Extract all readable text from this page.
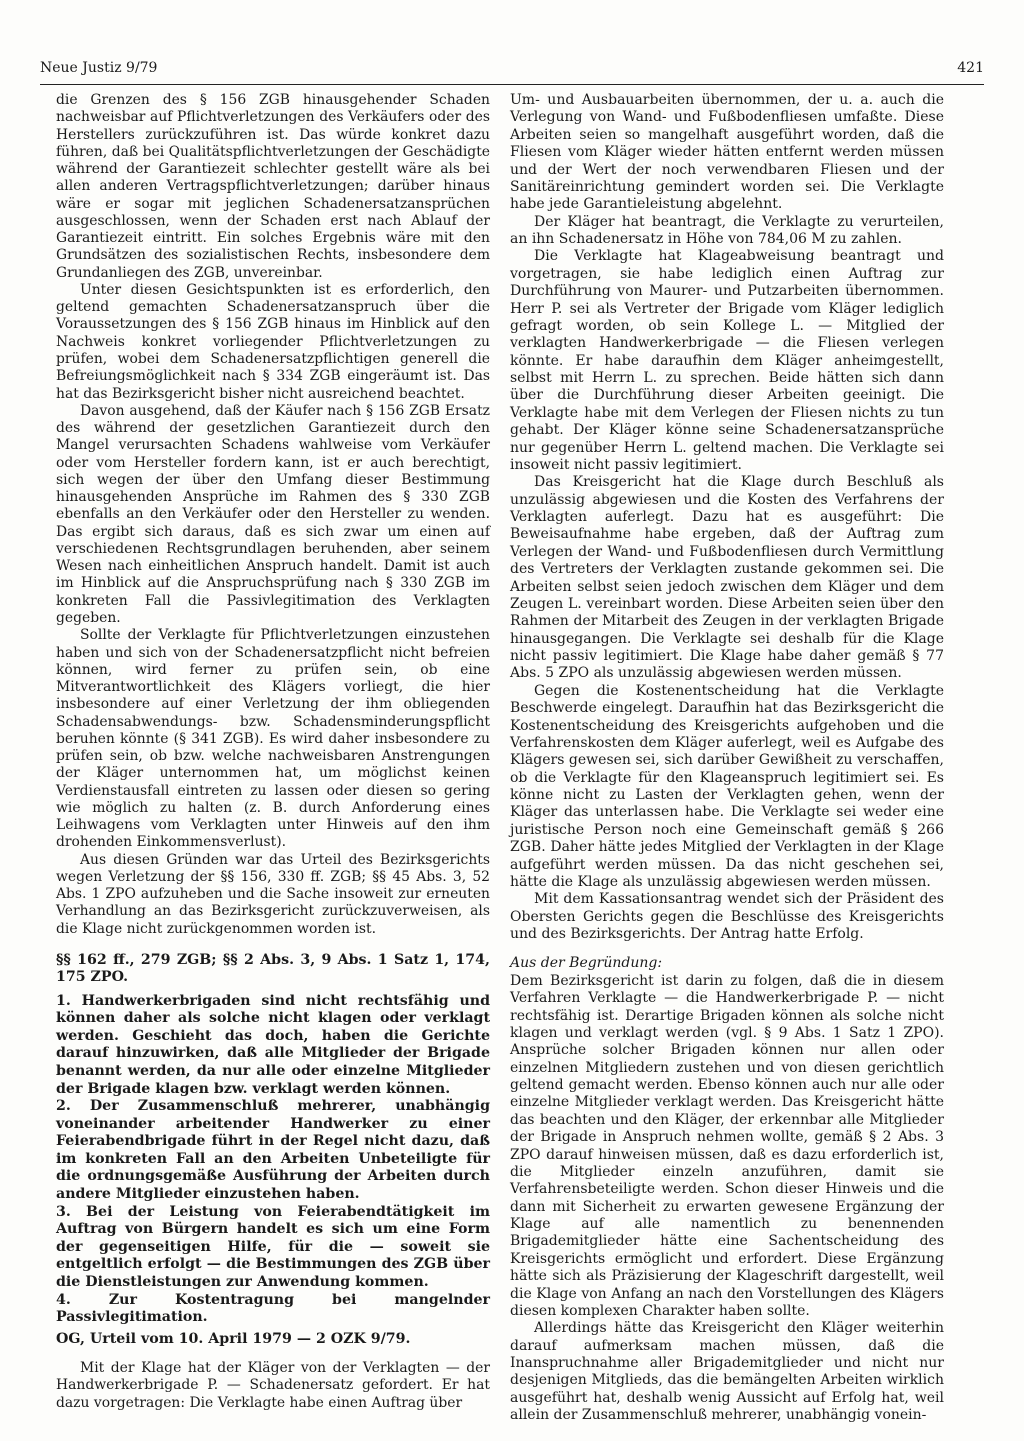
Neue Justiz 9/79	421

die Grenzen des § 156 ZGB hinausgehender Schaden nachweisbar auf Pflichtverletzungen des Verkäufers oder des Herstellers zurückzuführen ist. Das würde konkret dazu führen, daß bei Qualitätspflichtverletzungen der Geschädigte während der Garantiezeit schlechter gestellt wäre als bei allen anderen Vertragspflichtverletzungen; darüber hinaus wäre er sogar mit jeglichen Schadenersatzansprüchen ausgeschlossen, wenn der Schaden erst nach Ablauf der Garantiezeit eintritt. Ein solches Ergebnis wäre mit den Grundsätzen des sozialistischen Rechts, insbesondere dem Grundanliegen des ZGB, unvereinbar.

Unter diesen Gesichtspunkten ist es erforderlich, den geltend gemachten Schadenersatzanspruch über die Voraussetzungen des § 156 ZGB hinaus im Hinblick auf den Nachweis konkret vorliegender Pflichtverletzungen zu prüfen, wobei dem Schadenersatzpflichtigen generell die Befreiungsmöglichkeit nach § 334 ZGB eingeräumt ist. Das hat das Bezirksgericht bisher nicht ausreichend beachtet.

Davon ausgehend, daß der Käufer nach § 156 ZGB Ersatz des während der gesetzlichen Garantiezeit durch den Mangel verursachten Schadens wahlweise vom Verkäufer oder vom Hersteller fordern kann, ist er auch berechtigt, sich wegen der über den Umfang dieser Bestimmung hinausgehenden Ansprüche im Rahmen des § 330 ZGB ebenfalls an den Verkäufer oder den Hersteller zu wenden. Das ergibt sich daraus, daß es sich zwar um einen auf verschiedenen Rechtsgrundlagen beruhenden, aber seinem Wesen nach einheitlichen Anspruch handelt. Damit ist auch im Hinblick auf die Anspruchsprüfung nach § 330 ZGB im konkreten Fall die Passivlegitimation des Verklagten gegeben.

Sollte der Verklagte für Pflichtverletzungen einzustehen haben und sich von der Schadenersatzpflicht nicht befreien können, wird ferner zu prüfen sein, ob eine Mitverantwortlichkeit des Klägers vorliegt, die hier insbesondere auf einer Verletzung der ihm obliegenden Schadensabwendungs- bzw. Schadensminderungspflicht beruhen könnte (§ 341 ZGB). Es wird daher insbesondere zu prüfen sein, ob bzw. welche nachweisbaren Anstrengungen der Kläger unternommen hat, um möglichst keinen Verdienstausfall eintreten zu lassen oder diesen so gering wie möglich zu halten (z. B. durch Anforderung eines Leihwagens vom Verklagten unter Hinweis auf den ihm drohenden Einkommensverlust).

Aus diesen Gründen war das Urteil des Bezirksgerichts wegen Verletzung der §§ 156, 330 ff. ZGB; §§ 45 Abs. 3, 52 Abs. 1 ZPO aufzuheben und die Sache insoweit zur erneuten Verhandlung an das Bezirksgericht zurückzuverweisen, als die Klage nicht zurückgenommen worden ist.

§§ 162 ff., 279 ZGB; §§ 2 Abs. 3, 9 Abs. 1 Satz 1, 174, 175 ZPO.

1. Handwerkerbrigaden sind nicht rechtsfähig und können daher als solche nicht klagen oder verklagt werden. Geschieht das doch, haben die Gerichte darauf hinzuwirken, daß alle Mitglieder der Brigade benannt werden, da nur alle oder einzelne Mitglieder der Brigade klagen bzw. verklagt werden können.

2. Der Zusammenschluß mehrerer, unabhängig voneinander arbeitender Handwerker zu einer Feierabendbrigade führt in der Regel nicht dazu, daß im konkreten Fall an den Arbeiten Unbeteiligte für die ordnungsgemäße Ausführung der Arbeiten durch andere Mitglieder einzustehen haben.

3. Bei der Leistung von Feierabendtätigkeit im Auftrag von Bürgern handelt es sich um eine Form der gegenseitigen Hilfe, für die — soweit sie entgeltlich erfolgt — die Bestimmungen des ZGB über die Dienstleistungen zur Anwendung kommen.

4. Zur Kostentragung bei mangelnder Passivlegitimation.

OG, Urteil vom 10. April 1979 — 2 OZK 9/79.

Mit der Klage hat der Kläger von der Verklagten — der Handwerkerbrigade P. — Schadenersatz gefordert. Er hat dazu vorgetragen: Die Verklagte habe einen Auftrag über

Um- und Ausbauarbeiten übernommen, der u. a. auch die Verlegung von Wand- und Fußbodenfliesen umfaßte. Diese Arbeiten seien so mangelhaft ausgeführt worden, daß die Fliesen vom Kläger wieder hätten entfernt werden müssen und der Wert der noch verwendbaren Fliesen und der Sanitäreinrichtung gemindert worden sei. Die Verklagte habe jede Garantieleistung abgelehnt.

Der Kläger hat beantragt, die Verklagte zu verurteilen, an ihn Schadenersatz in Höhe von 784,06 M zu zahlen.

Die Verklagte hat Klageabweisung beantragt und vorgetragen, sie habe lediglich einen Auftrag zur Durchführung von Maurer- und Putzarbeiten übernommen. Herr P. sei als Vertreter der Brigade vom Kläger lediglich gefragt worden, ob sein Kollege L. — Mitglied der verklagten Handwerkerbrigade — die Fliesen verlegen könnte. Er habe daraufhin dem Kläger anheimgestellt, selbst mit Herrn L. zu sprechen. Beide hätten sich dann über die Durchführung dieser Arbeiten geeinigt. Die Verklagte habe mit dem Verlegen der Fliesen nichts zu tun gehabt. Der Kläger könne seine Schadenersatzansprüche nur gegenüber Herrn L. geltend machen. Die Verklagte sei insoweit nicht passiv legitimiert.

Das Kreisgericht hat die Klage durch Beschluß als unzulässig abgewiesen und die Kosten des Verfahrens der Verklagten auferlegt. Dazu hat es ausgeführt: Die Beweisaufnahme habe ergeben, daß der Auftrag zum Verlegen der Wand- und Fußbodenfliesen durch Vermittlung des Vertreters der Verklagten zustande gekommen sei. Die Arbeiten selbst seien jedoch zwischen dem Kläger und dem Zeugen L. vereinbart worden. Diese Arbeiten seien über den Rahmen der Mitarbeit des Zeugen in der verklagten Brigade hinausgegangen. Die Verklagte sei deshalb für die Klage nicht passiv legitimiert. Die Klage habe daher gemäß § 77 Abs. 5 ZPO als unzulässig abgewiesen werden müssen.

Gegen die Kostenentscheidung hat die Verklagte Beschwerde eingelegt. Daraufhin hat das Bezirksgericht die Kostenentscheidung des Kreisgerichts aufgehoben und die Verfahrenskosten dem Kläger auferlegt, weil es Aufgabe des Klägers gewesen sei, sich darüber Gewißheit zu verschaffen, ob die Verklagte für den Klageanspruch legitimiert sei. Es könne nicht zu Lasten der Verklagten gehen, wenn der Kläger das unterlassen habe. Die Verklagte sei weder eine juristische Person noch eine Gemeinschaft gemäß § 266 ZGB. Daher hätte jedes Mitglied der Verklagten in der Klage aufgeführt werden müssen. Da das nicht geschehen sei, hätte die Klage als unzulässig abgewiesen werden müssen.

Mit dem Kassationsantrag wendet sich der Präsident des Obersten Gerichts gegen die Beschlüsse des Kreisgerichts und des Bezirksgerichts. Der Antrag hatte Erfolg.

Aus der Begründung:

Dem Bezirksgericht ist darin zu folgen, daß die in diesem Verfahren Verklagte — die Handwerkerbrigade P. — nicht rechtsfähig ist. Derartige Brigaden können als solche nicht klagen und verklagt werden (vgl. § 9 Abs. 1 Satz 1 ZPO). Ansprüche solcher Brigaden können nur allen oder einzelnen Mitgliedern zustehen und von diesen gerichtlich geltend gemacht werden. Ebenso können auch nur alle oder einzelne Mitglieder verklagt werden. Das Kreisgericht hätte das beachten und den Kläger, der erkennbar alle Mitglieder der Brigade in Anspruch nehmen wollte, gemäß § 2 Abs. 3 ZPO darauf hinweisen müssen, daß es dazu erforderlich ist, die Mitglieder einzeln anzuführen, damit sie Verfahrensbeteiligte werden. Schon dieser Hinweis und die dann mit Sicherheit zu erwarten gewesene Ergänzung der Klage auf alle namentlich zu benennenden Brigademitglieder hätte eine Sachentscheidung des Kreisgerichts ermöglicht und erfordert. Diese Ergänzung hätte sich als Präzisierung der Klageschrift dargestellt, weil die Klage von Anfang an nach den Vorstellungen des Klägers diesen komplexen Charakter haben sollte.

Allerdings hätte das Kreisgericht den Kläger weiterhin darauf aufmerksam machen müssen, daß die Inanspruchnahme aller Brigademitglieder und nicht nur desjenigen Mitglieds, das die bemängelten Arbeiten wirklich ausgeführt hat, deshalb wenig Aussicht auf Erfolg hat, weil allein der Zusammenschluß mehrerer, unabhängig vonein-
